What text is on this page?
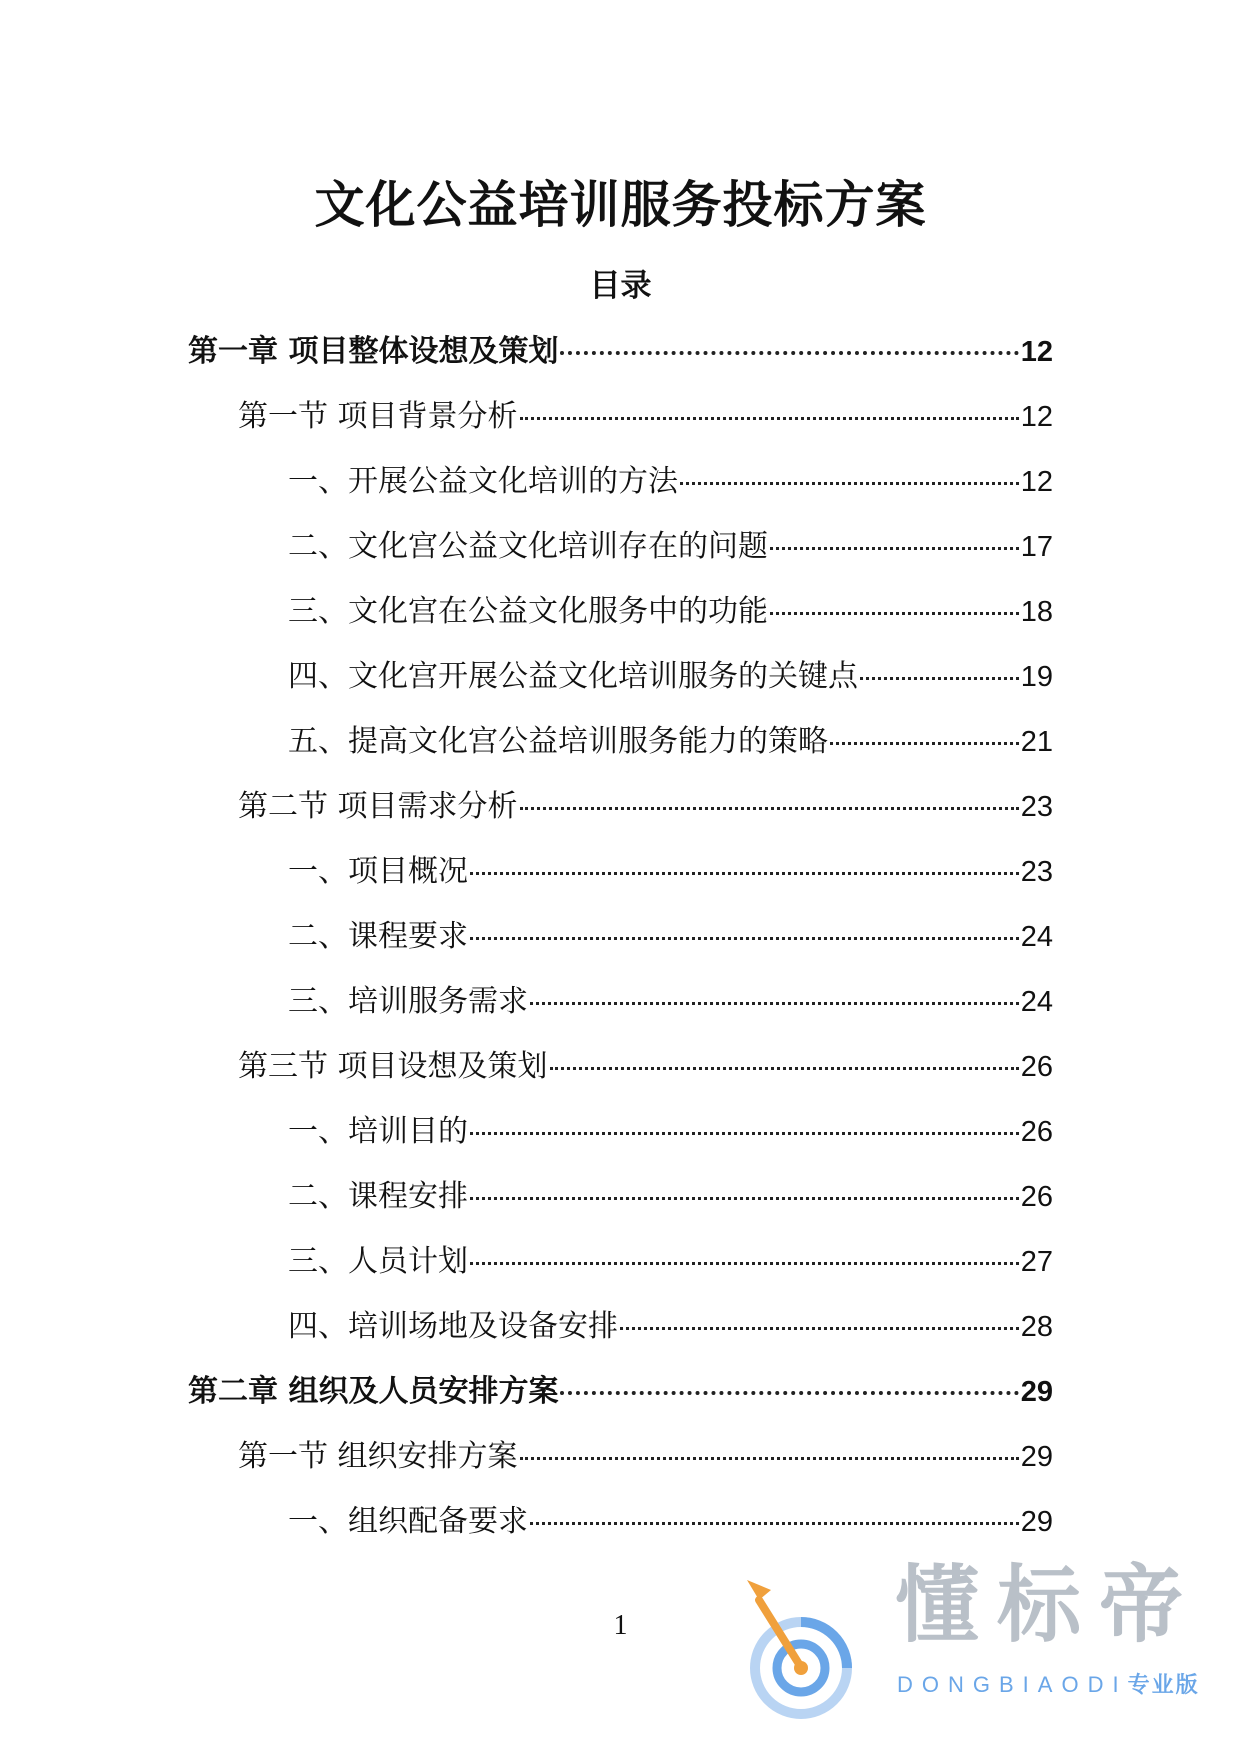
文化公益培训服务投标方案
目录
第一章 项目整体设想及策划	12
第一节 项目背景分析	12
一、开展公益文化培训的方法	12
二、文化宫公益文化培训存在的问题	17
三、文化宫在公益文化服务中的功能	18
四、文化宫开展公益文化培训服务的关键点	19
五、提高文化宫公益培训服务能力的策略	21
第二节 项目需求分析	23
一、项目概况	23
二、课程要求	24
三、培训服务需求	24
第三节 项目设想及策划	26
一、培训目的	26
二、课程安排	26
三、人员计划	27
四、培训场地及设备安排	28
第二章 组织及人员安排方案	29
第一节 组织安排方案	29
一、组织配备要求	29
1	懂标帝
DONGBIAODI专业版
